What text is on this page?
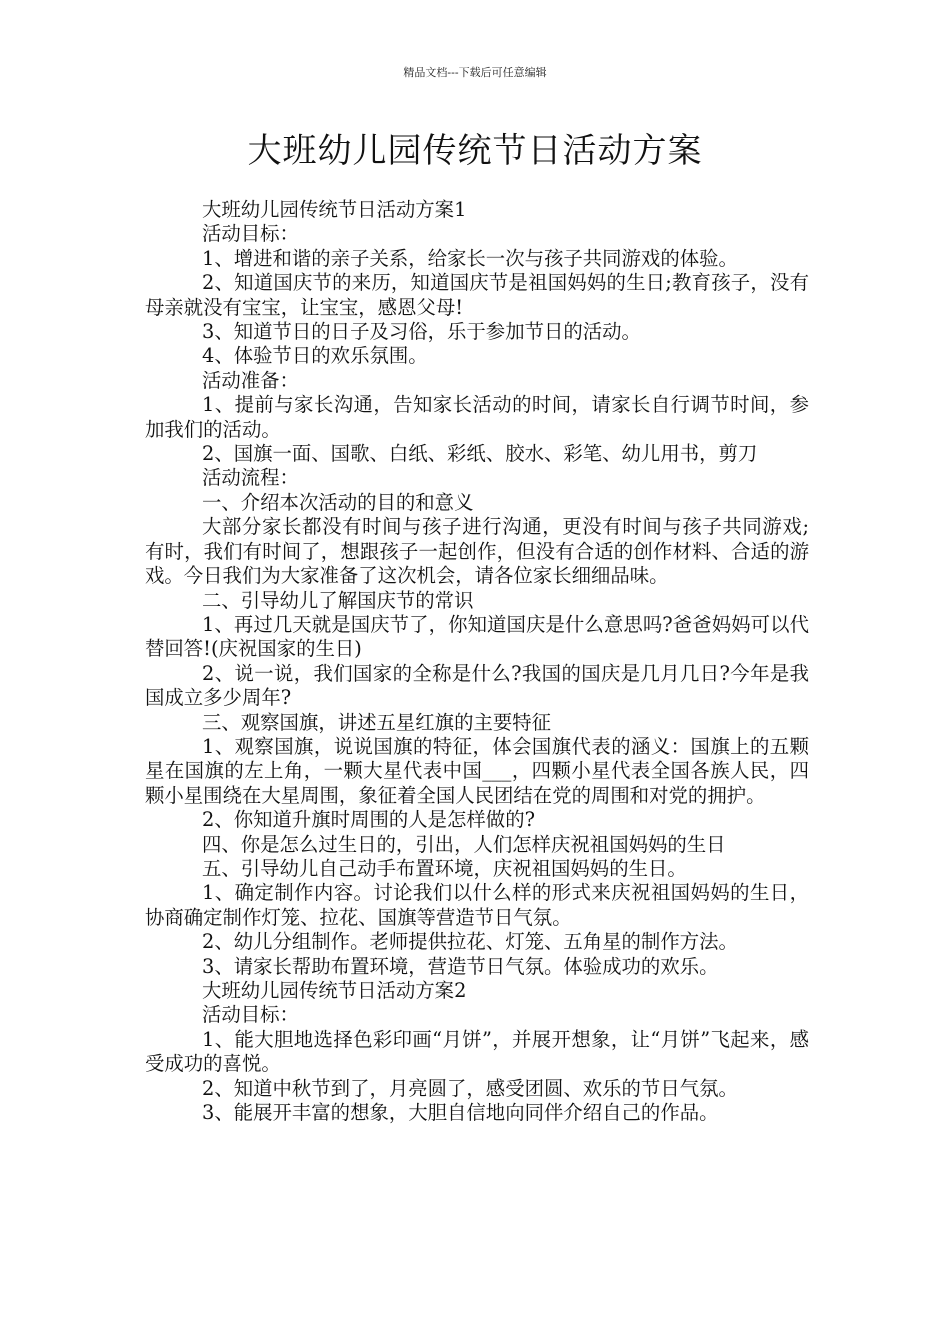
精品文档---下载后可任意编辑
大班幼儿园传统节日活动方案

大班幼儿园传统节日活动方案1

活动目标：

1、增进和谐的亲子关系，给家长一次与孩子共同游戏的体验。

2、知道国庆节的来历，知道国庆节是祖国妈妈的生日;教育孩子，没有母亲就没有宝宝，让宝宝，感恩父母!

3、知道节日的日子及习俗，乐于参加节日的活动。

4、体验节日的欢乐氛围。

活动准备：

1、提前与家长沟通，告知家长活动的时间，请家长自行调节时间，参加我们的活动。

2、国旗一面、国歌、白纸、彩纸、胶水、彩笔、幼儿用书，剪刀

活动流程：

一、介绍本次活动的目的和意义

大部分家长都没有时间与孩子进行沟通，更没有时间与孩子共同游戏;有时，我们有时间了，想跟孩子一起创作，但没有合适的创作材料、合适的游戏。今日我们为大家准备了这次机会，请各位家长细细品味。

二、引导幼儿了解国庆节的常识

1、再过几天就是国庆节了，你知道国庆是什么意思吗?爸爸妈妈可以代替回答!(庆祝国家的生日)

2、说一说，我们国家的全称是什么?我国的国庆是几月几日?今年是我国成立多少周年?

三、观察国旗，讲述五星红旗的主要特征

1、观察国旗，说说国旗的特征，体会国旗代表的涵义：国旗上的五颗星在国旗的左上角，一颗大星代表中国___，四颗小星代表全国各族人民，四颗小星围绕在大星周围，象征着全国人民团结在党的周围和对党的拥护。

2、你知道升旗时周围的人是怎样做的?

四、你是怎么过生日的，引出，人们怎样庆祝祖国妈妈的生日

五、引导幼儿自己动手布置环境，庆祝祖国妈妈的生日。

1、确定制作内容。讨论我们以什么样的形式来庆祝祖国妈妈的生日，协商确定制作灯笼、拉花、国旗等营造节日气氛。

2、幼儿分组制作。老师提供拉花、灯笼、五角星的制作方法。

3、请家长帮助布置环境，营造节日气氛。体验成功的欢乐。

大班幼儿园传统节日活动方案2

活动目标：

1、能大胆地选择色彩印画“月饼”，并展开想象，让“月饼”飞起来，感受成功的喜悦。

2、知道中秋节到了，月亮圆了，感受团圆、欢乐的节日气氛。

3、能展开丰富的想象，大胆自信地向同伴介绍自己的作品。
